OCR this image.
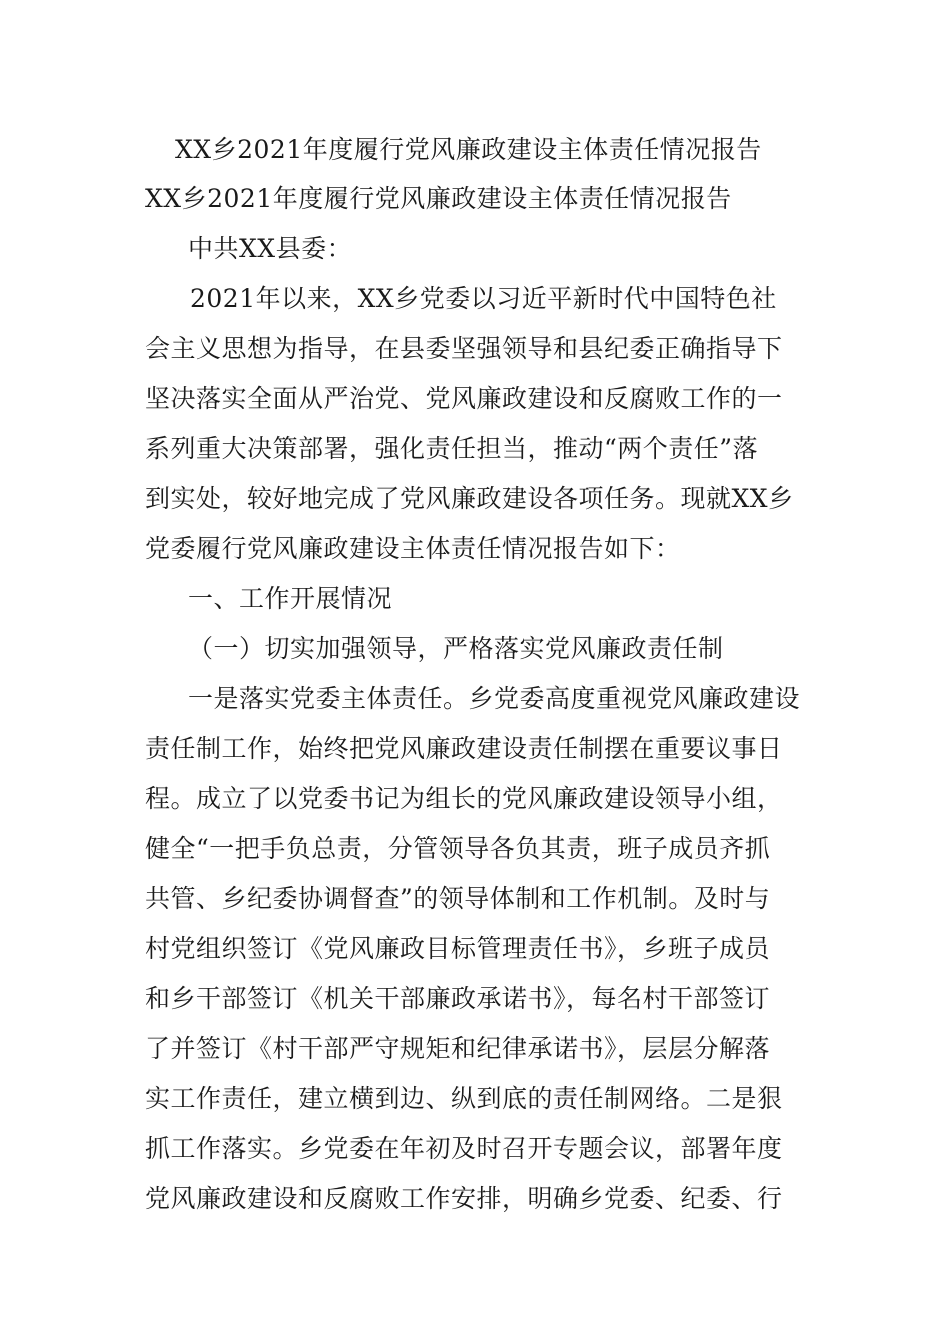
XX乡2021年度履行党风廉政建设主体责任情况报告
XX乡2021年度履行党风廉政建设主体责任情况报告
中共XX县委：
2021年以来，XX乡党委以习近平新时代中国特色社
会主义思想为指导，在县委坚强领导和县纪委正确指导下
坚决落实全面从严治党、党风廉政建设和反腐败工作的一
系列重大决策部署，强化责任担当，推动“两个责任”落
到实处，较好地完成了党风廉政建设各项任务。现就XX乡
党委履行党风廉政建设主体责任情况报告如下：
一、工作开展情况
（一）切实加强领导，严格落实党风廉政责任制
一是落实党委主体责任。乡党委高度重视党风廉政建设
责任制工作，始终把党风廉政建设责任制摆在重要议事日
程。成立了以党委书记为组长的党风廉政建设领导小组，
健全“一把手负总责，分管领导各负其责，班子成员齐抓
共管、乡纪委协调督查”的领导体制和工作机制。及时与
村党组织签订《党风廉政目标管理责任书》，乡班子成员
和乡干部签订《机关干部廉政承诺书》，每名村干部签订
了并签订《村干部严守规矩和纪律承诺书》，层层分解落
实工作责任，建立横到边、纵到底的责任制网络。二是狠
抓工作落实。乡党委在年初及时召开专题会议，部署年度
党风廉政建设和反腐败工作安排，明确乡党委、纪委、行
